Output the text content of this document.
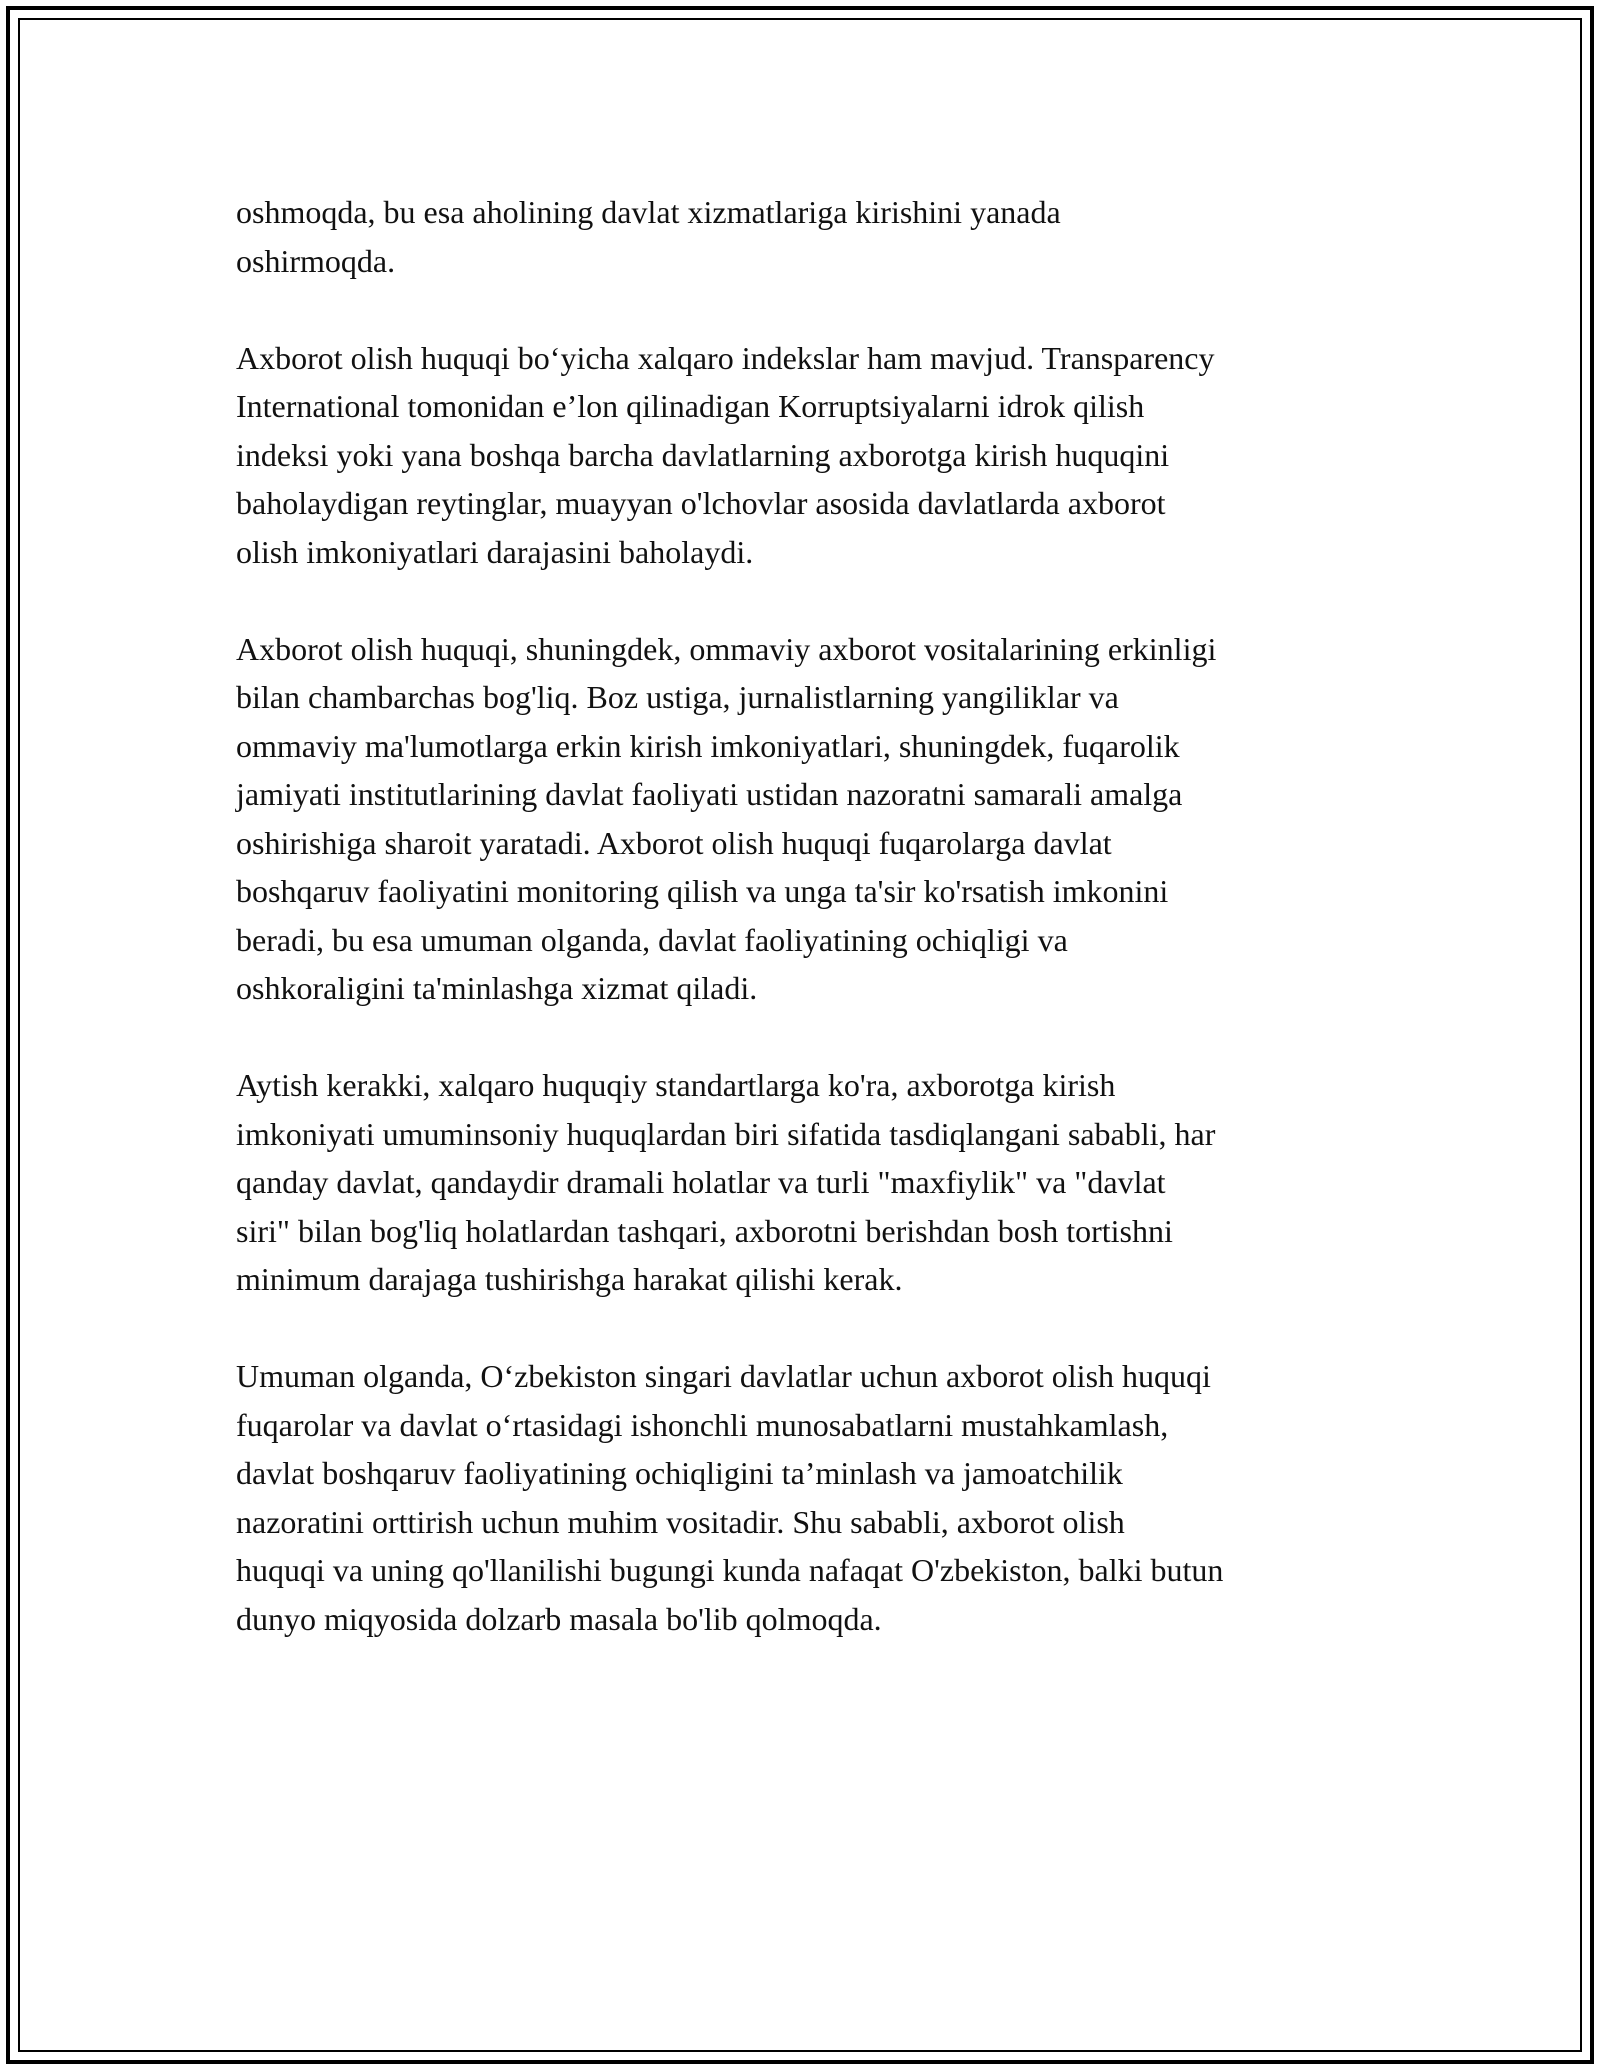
oshmoqda, bu esa aholining davlat xizmatlariga kirishini yanada
oshirmoqda.

Axborot olish huquqi bo‘yicha xalqaro indekslar ham mavjud. Transparency
International tomonidan e’lon qilinadigan Korruptsiyalarni idrok qilish
indeksi yoki yana boshqa barcha davlatlarning axborotga kirish huquqini
baholaydigan reytinglar, muayyan o'lchovlar asosida davlatlarda axborot
olish imkoniyatlari darajasini baholaydi.

Axborot olish huquqi, shuningdek, ommaviy axborot vositalarining erkinligi
bilan chambarchas bog'liq. Boz ustiga, jurnalistlarning yangiliklar va
ommaviy ma'lumotlarga erkin kirish imkoniyatlari, shuningdek, fuqarolik
jamiyati institutlarining davlat faoliyati ustidan nazoratni samarali amalga
oshirishiga sharoit yaratadi. Axborot olish huquqi fuqarolarga davlat
boshqaruv faoliyatini monitoring qilish va unga ta'sir ko'rsatish imkonini
beradi, bu esa umuman olganda, davlat faoliyatining ochiqligi va
oshkoraligini ta'minlashga xizmat qiladi.

Aytish kerakki, xalqaro huquqiy standartlarga ko'ra, axborotga kirish
imkoniyati umuminsoniy huquqlardan biri sifatida tasdiqlangani sababli, har
qanday davlat, qandaydir dramali holatlar va turli "maxfiylik" va "davlat
siri" bilan bog'liq holatlardan tashqari, axborotni berishdan bosh tortishni
minimum darajaga tushirishga harakat qilishi kerak.

Umuman olganda, O‘zbekiston singari davlatlar uchun axborot olish huquqi
fuqarolar va davlat o‘rtasidagi ishonchli munosabatlarni mustahkamlash,
davlat boshqaruv faoliyatining ochiqligini ta’minlash va jamoatchilik
nazoratini orttirish uchun muhim vositadir. Shu sababli, axborot olish
huquqi va uning qo'llanilishi bugungi kunda nafaqat O'zbekiston, balki butun
dunyo miqyosida dolzarb masala bo'lib qolmoqda.
